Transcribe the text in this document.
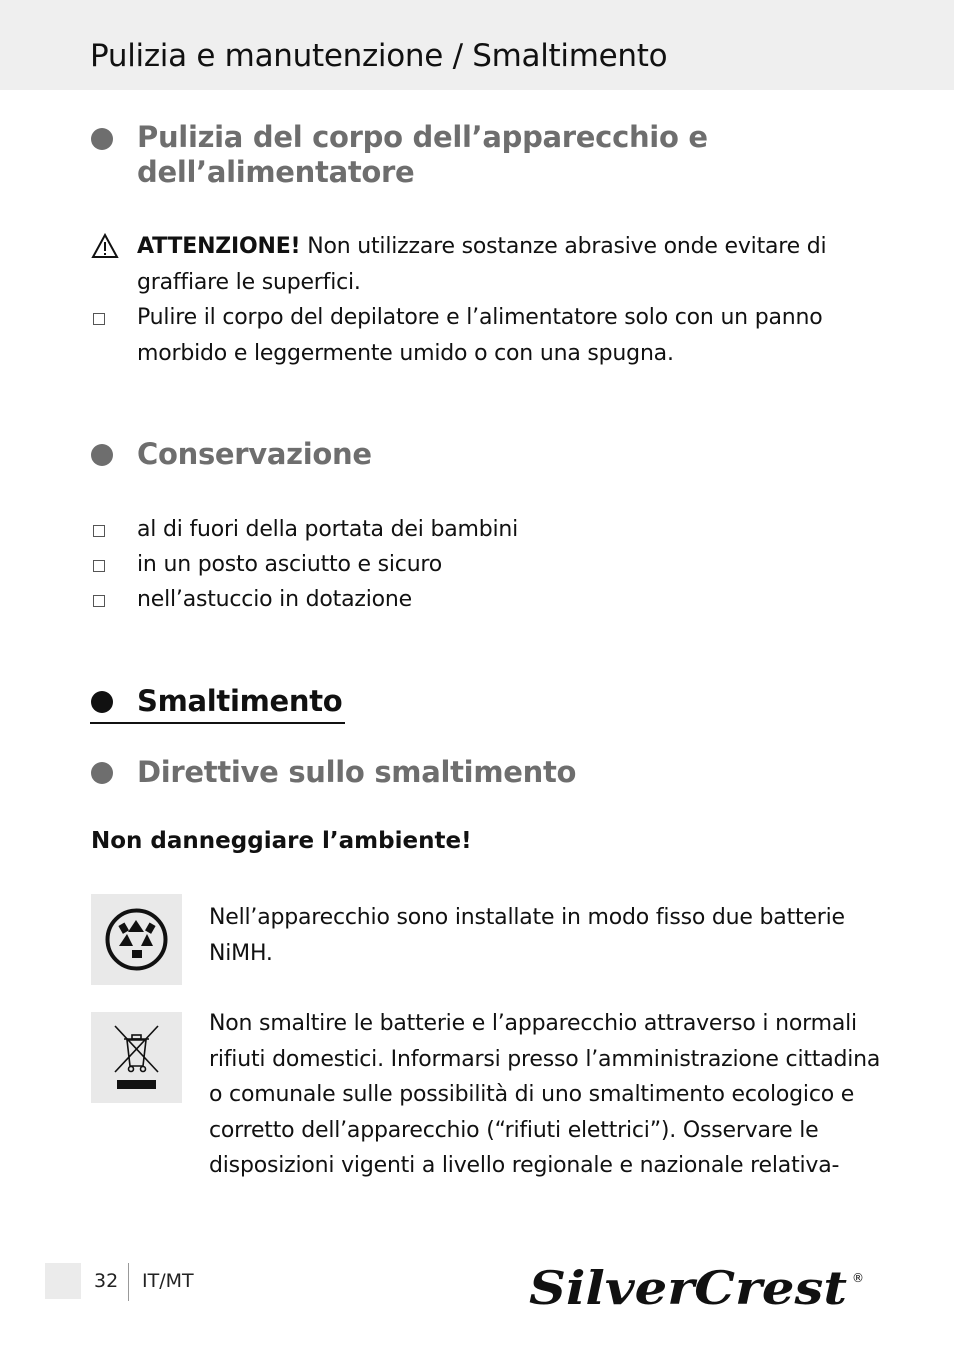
Pulizia e manutenzione / Smaltimento
Pulizia del corpo dell’apparecchio e
dell’alimentatore
ATTENZIONE! Non utilizzare sostanze abrasive onde evitare di
graffiare le superfici.
Pulire il corpo del depilatore e l’alimentatore solo con un panno
morbido e leggermente umido o con una spugna.
Conservazione
al di fuori della portata dei bambini
in un posto asciutto e sicuro
nell’astuccio in dotazione
Smaltimento
Direttive sullo smaltimento
Non danneggiare l’ambiente!
Nell’apparecchio sono installate in modo fisso due batterie
NiMH.
Non smaltire le batterie e l’apparecchio attraverso i normali
rifiuti domestici. Informarsi presso l’amministrazione cittadina
o comunale sulle possibilità di uno smaltimento ecologico e
corretto dell’apparecchio (“rifiuti elettrici”). Osservare le
disposizioni vigenti a livello regionale e nazionale relativa-
32 IT/MT	SilverCrest ®
